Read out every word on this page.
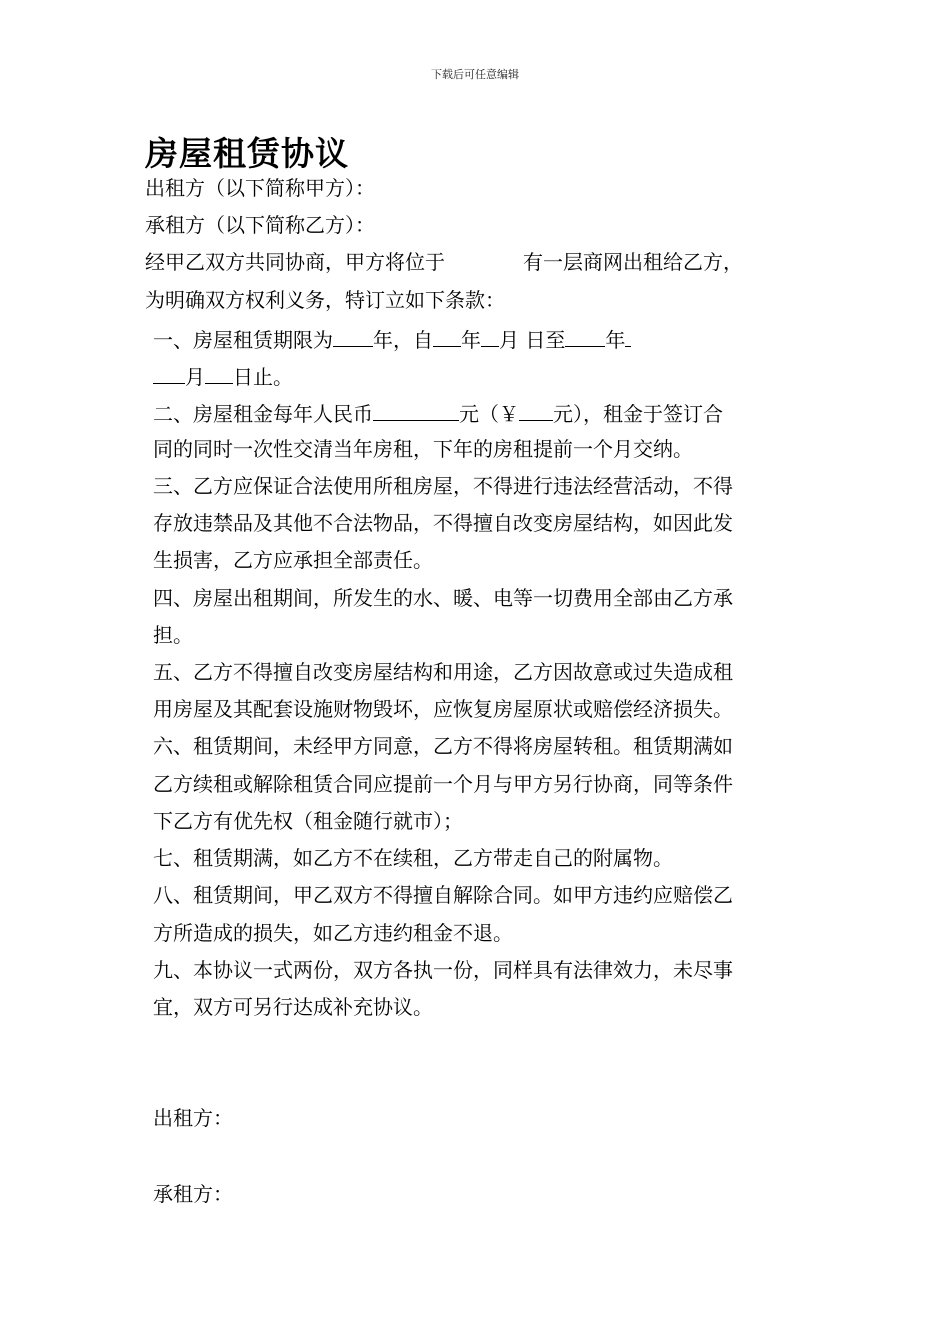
下载后可任意编辑
房屋租赁协议
出租方（以下简称甲方）：
承租方（以下简称乙方）：
经甲乙双方共同协商，甲方将位于	有一层商网出租给乙方，
为明确双方权利义务，特订立如下条款：
一、房屋租赁期限为 年，自 年 月 日至 年
月 日止。
二、房屋租金每年人民币	元（￥ 元），租金于签订合
同的同时一次性交清当年房租，下年的房租提前一个月交纳。
三、乙方应保证合法使用所租房屋，不得进行违法经营活动，不得
存放违禁品及其他不合法物品，不得擅自改变房屋结构，如因此发
生损害，乙方应承担全部责任。
四、房屋出租期间，所发生的水、暖、电等一切费用全部由乙方承
担。
五、乙方不得擅自改变房屋结构和用途，乙方因故意或过失造成租
用房屋及其配套设施财物毁坏，应恢复房屋原状或赔偿经济损失。
六、租赁期间，未经甲方同意，乙方不得将房屋转租。租赁期满如
乙方续租或解除租赁合同应提前一个月与甲方另行协商，同等条件
下乙方有优先权（租金随行就市）；
七、租赁期满，如乙方不在续租，乙方带走自己的附属物。
八、租赁期间，甲乙双方不得擅自解除合同。如甲方违约应赔偿乙
方所造成的损失，如乙方违约租金不退。
九、本协议一式两份，双方各执一份，同样具有法律效力，未尽事
宜，双方可另行达成补充协议。
出租方：
承租方：
